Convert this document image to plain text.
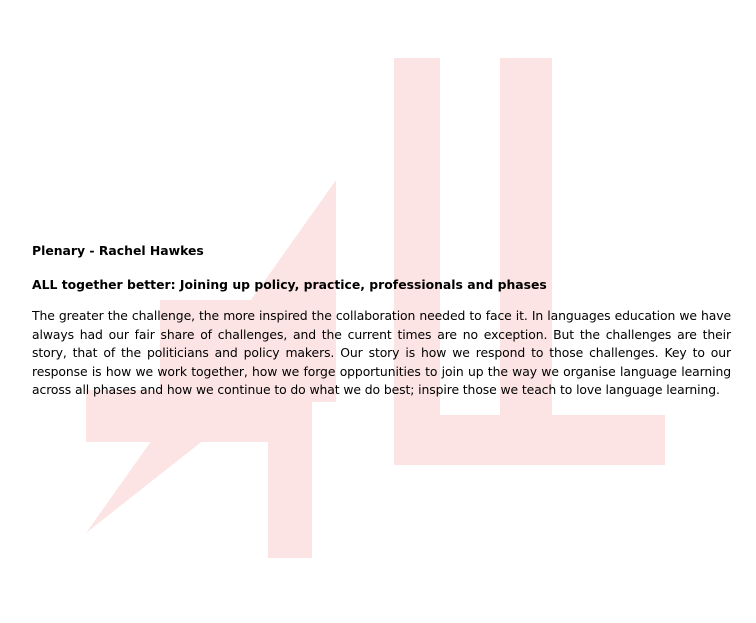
Plenary - Rachel Hawkes

ALL together better: Joining up policy, practice, professionals and phases

The greater the challenge, the more inspired the collaboration needed to face it. In languages education we have always had our fair share of challenges, and the current times are no exception. But the challenges are their story, that of the politicians and policy makers. Our story is how we respond to those challenges. Key to our response is how we work together, how we forge opportunities to join up the way we organise language learning across all phases and how we continue to do what we do best; inspire those we teach to love language learning.
